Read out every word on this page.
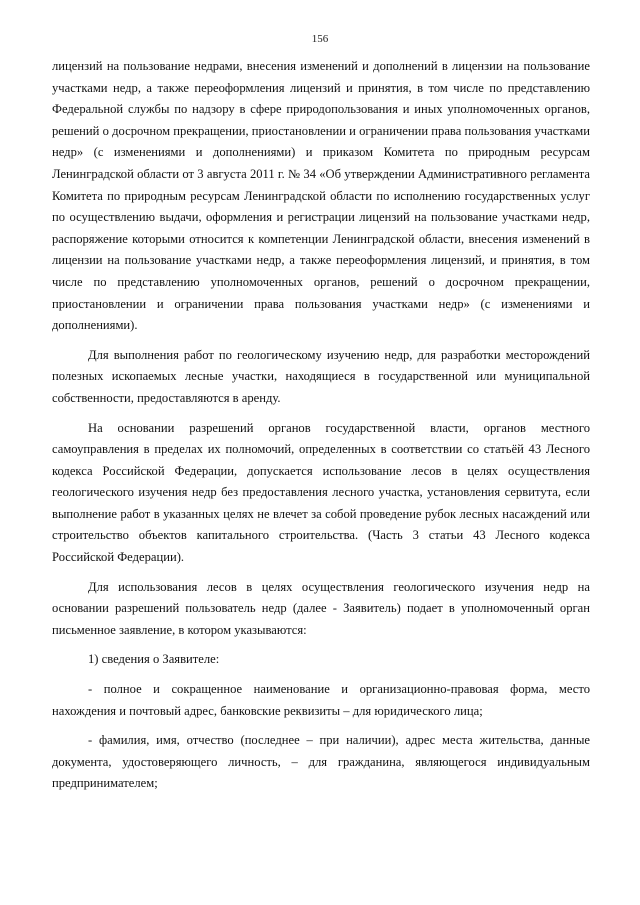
156

лицензий на пользование недрами, внесения изменений и дополнений в лицензии на пользование участками недр, а также переоформления лицензий и принятия, в том числе по представлению Федеральной службы по надзору в сфере природопользования и иных уполномоченных органов, решений о досрочном прекращении, приостановлении и ограничении права пользования участками недр» (с изменениями и дополнениями) и приказом Комитета по природным ресурсам Ленинградской области от 3 августа 2011 г. № 34 «Об утверждении Административного регламента Комитета по природным ресурсам Ленинградской области по исполнению государственных услуг по осуществлению выдачи, оформления и регистрации лицензий на пользование участками недр, распоряжение которыми относится к компетенции Ленинградской области, внесения изменений в лицензии на пользование участками недр, а также переоформления лицензий, и принятия, в том числе по представлению уполномоченных органов, решений о досрочном прекращении, приостановлении и ограничении права пользования участками недр» (с изменениями и дополнениями).

Для выполнения работ по геологическому изучению недр, для разработки месторождений полезных ископаемых лесные участки, находящиеся в государственной или муниципальной собственности, предоставляются в аренду.

На основании разрешений органов государственной власти, органов местного самоуправления в пределах их полномочий, определенных в соответствии со статьёй 43 Лесного кодекса Российской Федерации, допускается использование лесов в целях осуществления геологического изучения недр без предоставления лесного участка, установления сервитута, если выполнение работ в указанных целях не влечет за собой проведение рубок лесных насаждений или строительство объектов капитального строительства. (Часть 3 статьи 43 Лесного кодекса Российской Федерации).

Для использования лесов в целях осуществления геологического изучения недр на основании разрешений пользователь недр (далее - Заявитель) подает в уполномоченный орган письменное заявление, в котором указываются:

1) сведения о Заявителе:

- полное и сокращенное наименование и организационно-правовая форма, место нахождения и почтовый адрес, банковские реквизиты – для юридического лица;

- фамилия, имя, отчество (последнее – при наличии), адрес места жительства, данные документа, удостоверяющего личность, – для гражданина, являющегося индивидуальным предпринимателем;
